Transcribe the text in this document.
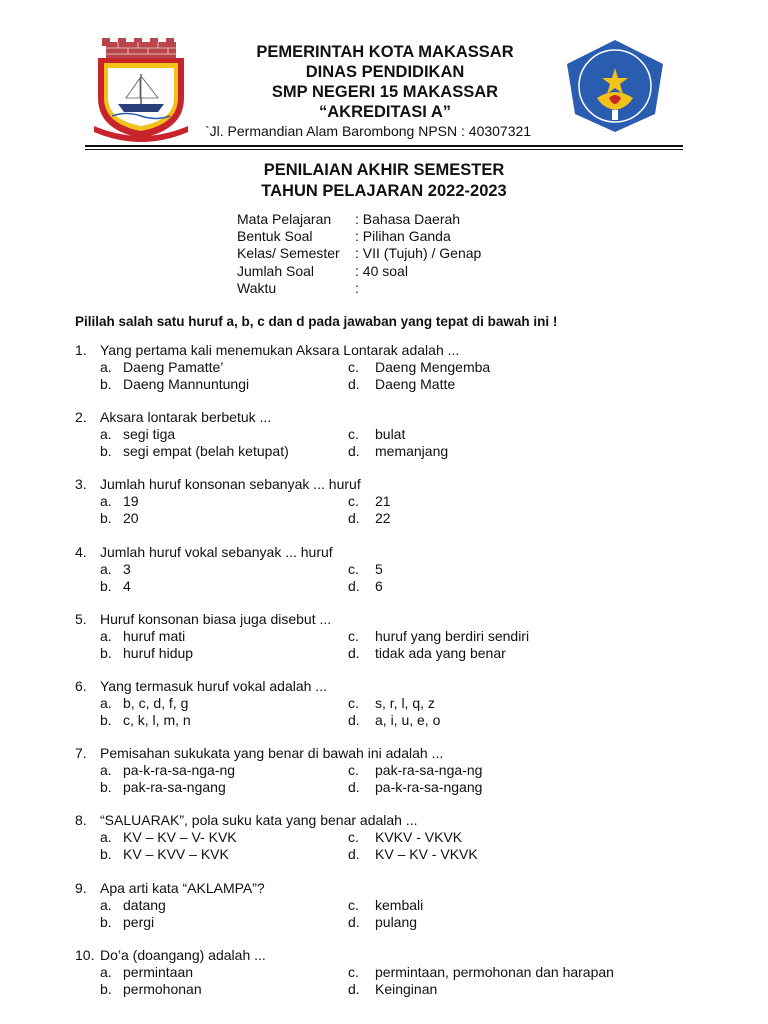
PEMERINTAH KOTA MAKASSAR
DINAS PENDIDIKAN
SMP NEGERI 15 MAKASSAR
“AKREDITASI A”
`Jl. Permandian Alam Barombong NPSN : 40307321
PENILAIAN AKHIR SEMESTER
TAHUN PELAJARAN 2022-2023
Mata Pelajaran : Bahasa Daerah
Bentuk Soal	: Pilihan Ganda
Kelas/ Semester : VII (Tujuh) / Genap
Jumlah Soal	: 40 soal
Waktu	:
Pililah salah satu huruf a, b, c dan d pada jawaban yang tepat di bawah ini !
1. Yang pertama kali menemukan Aksara Lontarak adalah ...
a. Daeng Pamatte’	c. Daeng Mengemba
b. Daeng Mannuntungi	d. Daeng Matte
2. Aksara lontarak berbetuk ...
a. segi tiga	c. bulat
b. segi empat (belah ketupat)	d. memanjang
3. Jumlah huruf konsonan sebanyak ... huruf
a. 19	c. 21
b. 20	d. 22
4. Jumlah huruf vokal sebanyak ... huruf
a. 3	c. 5
b. 4	d. 6
5. Huruf konsonan biasa juga disebut ...
a. huruf mati	c. huruf yang berdiri sendiri
b. huruf hidup	d. tidak ada yang benar
6. Yang termasuk huruf vokal adalah ...
a. b, c, d, f, g	c. s, r, l, q, z
b. c, k, l, m, n	d. a, i, u, e, o
7. Pemisahan sukukata yang benar di bawah ini adalah ...
a. pa-k-ra-sa-nga-ng	c. pak-ra-sa-nga-ng
b. pak-ra-sa-ngang	d. pa-k-ra-sa-ngang
8. “SALUARAK”, pola suku kata yang benar adalah ...
a. KV – KV – V- KVK	c. KVKV - VKVK
b. KV – KVV – KVK	d. KV – KV - VKVK
9. Apa arti kata “AKLAMPA”?
a. datang	c. kembali
b. pergi	d. pulang
10. Do’a (doangang) adalah ...
a. permintaan	c. permintaan, permohonan dan harapan
b. permohonan	d. Keinginan
